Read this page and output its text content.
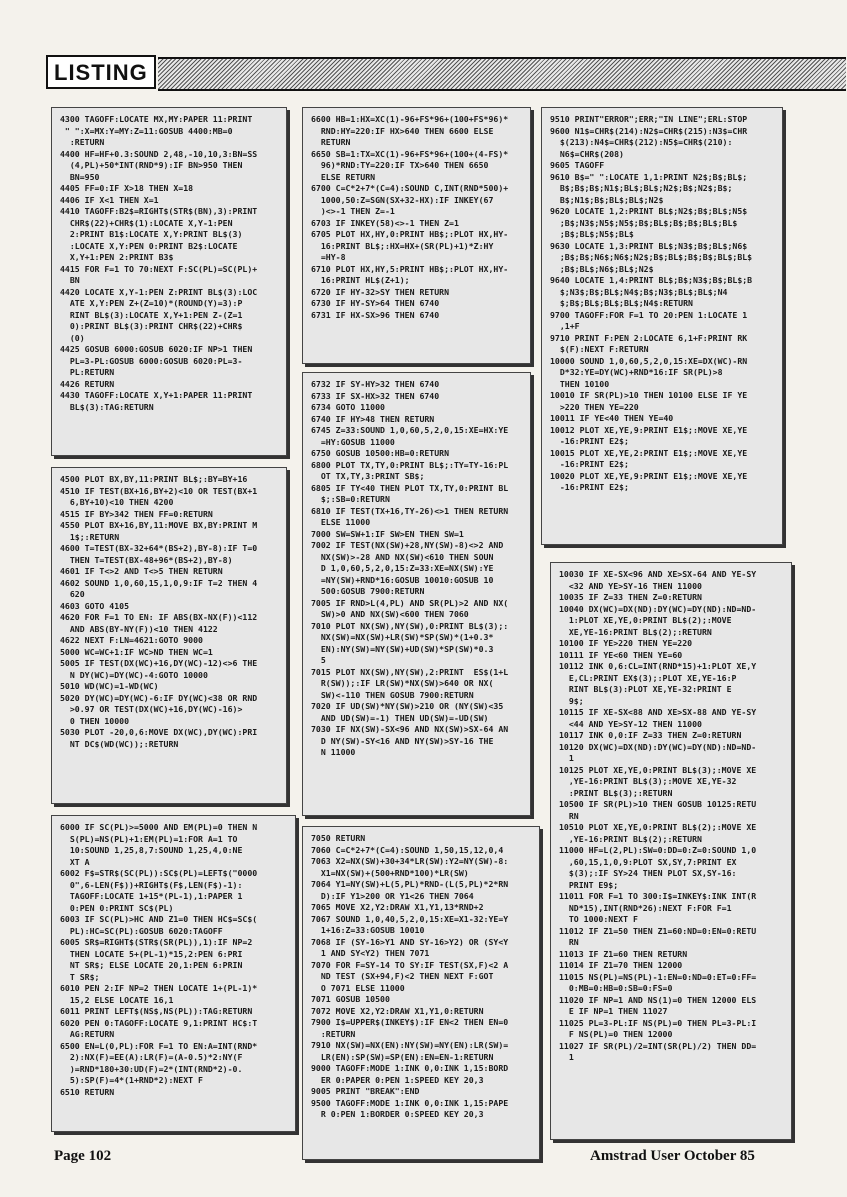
LISTING
4300 TAGOFF:LOCATE MX,MY:PAPER 11:PRINT
" ":X=MX:Y=MY:Z=11:GOSUB 4400:MB=0
:RETURN
4400 HF=HF+0.3:SOUND 2,48,-10,10,3:BN=SS
(4,PL)+50*INT(RND*9):IF BN>950 THEN
BN=950
4405 FF=0:IF X>18 THEN X=18
4406 IF X<1 THEN X=1
4410 TAGOFF:B2$=RIGHT$(STR$(BN),3):PRINT
CHR$(22)+CHR$(1):LOCATE X,Y-1:PEN
2:PRINT B1$:LOCATE X,Y:PRINT BL$(3)
:LOCATE X,Y:PEN 0:PRINT B2$:LOCATE
X,Y+1:PEN 2:PRINT B3$
4415 FOR F=1 TO 70:NEXT F:SC(PL)=SC(PL)+
BN
4420 LOCATE X,Y-1:PEN Z:PRINT BL$(3):LOC
ATE X,Y:PEN Z+(Z=10)*(ROUND(Y)=3):P
RINT BL$(3):LOCATE X,Y+1:PEN Z-(Z=1
0):PRINT BL$(3):PRINT CHR$(22)+CHR$
(0)
4425 GOSUB 6000:GOSUB 6020:IF NP>1 THEN
PL=3-PL:GOSUB 6000:GOSUB 6020:PL=3-
PL:RETURN
4426 RETURN
4430 TAGOFF:LOCATE X,Y+1:PAPER 11:PRINT
BL$(3):TAG:RETURN
4500 PLOT BX,BY,11:PRINT BL$;:BY=BY+16
4510 IF TEST(BX+16,BY+2)<10 OR TEST(BX+1
6,BY+10)<10 THEN 4200
4515 IF BY>342 THEN FF=0:RETURN
4550 PLOT BX+16,BY,11:MOVE BX,BY:PRINT M
1$;:RETURN
4600 T=TEST(BX-32+64*(BS+2),BY-8):IF T=0
THEN T=TEST(BX-48+96*(BS+2),BY-8)
4601 IF T<>2 AND T<>5 THEN RETURN
4602 SOUND 1,0,60,15,1,0,9:IF T=2 THEN 4
620
4603 GOTO 4105
4620 FOR F=1 TO EN: IF ABS(BX-NX(F))<112
AND ABS(BY-NY(F))<10 THEN 4122
4622 NEXT F:LN=4621:GOTO 9000
5000 WC=WC+1:IF WC>ND THEN WC=1
5005 IF TEST(DX(WC)+16,DY(WC)-12)<>6 THE
N DY(WC)=DY(WC)-4:GOTO 10000
5010 WD(WC)=1-WD(WC)
5020 DY(WC)=DY(WC)-6:IF DY(WC)<38 OR RND
>0.97 OR TEST(DX(WC)+16,DY(WC)-16)>
0 THEN 10000
5030 PLOT -20,0,6:MOVE DX(WC),DY(WC):PRI
NT DC$(WD(WC));:RETURN
6000 IF SC(PL)>=5000 AND EM(PL)=0 THEN N
S(PL)=NS(PL)+1:EM(PL)=1:FOR A=1 TO
10:SOUND 1,25,8,7:SOUND 1,25,4,0:NE
XT A
6002 F$=STR$(SC(PL)):SC$(PL)=LEFT$("0000
0",6-LEN(F$))+RIGHT$(F$,LEN(F$)-1):
TAGOFF:LOCATE 1+15*(PL-1),1:PAPER 1
0:PEN 0:PRINT SC$(PL)
6003 IF SC(PL)>HC AND Z1=0 THEN HC$=SC$(
PL):HC=SC(PL):GOSUB 6020:TAGOFF
6005 SR$=RIGHT$(STR$(SR(PL)),1):IF NP=2
THEN LOCATE 5+(PL-1)*15,2:PEN 6:PRI
NT SR$; ELSE LOCATE 20,1:PEN 6:PRIN
T SR$;
6010 PEN 2:IF NP=2 THEN LOCATE 1+(PL-1)*
15,2 ELSE LOCATE 16,1
6011 PRINT LEFT$(NS$,NS(PL)):TAG:RETURN
6020 PEN 0:TAGOFF:LOCATE 9,1:PRINT HC$:T
AG:RETURN
6500 EN=L(0,PL):FOR F=1 TO EN:A=INT(RND*
2):NX(F)=EE(A):LR(F)=(A-0.5)*2:NY(F
)=RND*180+30:UD(F)=2*(INT(RND*2)-0.
5):SP(F)=4*(1+RND*2):NEXT F
6510 RETURN
6600 HB=1:HX=XC(1)-96+FS*96+(100+FS*96)*
RND:HY=220:IF HX>640 THEN 6600 ELSE
RETURN
6650 SB=1:TX=XC(1)-96+FS*96+(100+(4-FS)*
96)*RND:TY=220:IF TX>640 THEN 6650
ELSE RETURN
6700 C=C*2+7*(C=4):SOUND C,INT(RND*500)+
1000,50:Z=SGN(SX+32-HX):IF INKEY(67
)<>-1 THEN Z=-1
6703 IF INKEY(58)<>-1 THEN Z=1
6705 PLOT HX,HY,0:PRINT HB$;:PLOT HX,HY-
16:PRINT BL$;:HX=HX+(SR(PL)+1)*Z:HY
=HY-8
6710 PLOT HX,HY,5:PRINT HB$;:PLOT HX,HY-
16:PRINT HL$(Z+1);
6720 IF HY-32>SY THEN RETURN
6730 IF HY-SY>64 THEN 6740
6731 IF HX-SX>96 THEN 6740
6732 IF SY-HY>32 THEN 6740
6733 IF SX-HX>32 THEN 6740
6734 GOTO 11000
6740 IF HY>48 THEN RETURN
6745 Z=33:SOUND 1,0,60,5,2,0,15:XE=HX:YE
=HY:GOSUB 11000
6750 GOSUB 10500:HB=0:RETURN
6800 PLOT TX,TY,0:PRINT BL$;:TY=TY-16:PL
OT TX,TY,3:PRINT SB$;
6805 IF TY<40 THEN PLOT TX,TY,0:PRINT BL
$;:SB=0:RETURN
6810 IF TEST(TX+16,TY-26)<>1 THEN RETURN
ELSE 11000
7000 SW=SW+1:IF SW>EN THEN SW=1
7002 IF TEST(NX(SW)+28,NY(SW)-8)<>2 AND
NX(SW)>-28 AND NX(SW)<610 THEN SOUN
D 1,0,60,5,2,0,15:Z=33:XE=NX(SW):YE
=NY(SW)+RND*16:GOSUB 10010:GOSUB 10
500:GOSUB 7900:RETURN
7005 IF RND>L(4,PL) AND SR(PL)>2 AND NX(
SW)>0 AND NX(SW)<600 THEN 7060
7010 PLOT NX(SW),NY(SW),0:PRINT BL$(3);:
NX(SW)=NX(SW)+LR(SW)*SP(SW)*(1+0.3*
EN):NY(SW)=NY(SW)+UD(SW)*SP(SW)*0.3
5
7015 PLOT NX(SW),NY(SW),2:PRINT  ES$(1+L
R(SW));:IF LR(SW)*NX(SW)>640 OR NX(
SW)<-110 THEN GOSUB 7900:RETURN
7020 IF UD(SW)*NY(SW)>210 OR (NY(SW)<35
AND UD(SW)=-1) THEN UD(SW)=-UD(SW)
7030 IF NX(SW)-SX<96 AND NX(SW)>SX-64 AN
D NY(SW)-SY<16 AND NY(SW)>SY-16 THE
N 11000
7050 RETURN
7060 C=C*2+7*(C=4):SOUND 1,50,15,12,0,4
7063 X2=NX(SW)+30+34*LR(SW):Y2=NY(SW)-8:
X1=NX(SW)+(500+RND*100)*LR(SW)
7064 Y1=NY(SW)+L(5,PL)*RND-(L(5,PL)*2*RN
D):IF Y1>200 OR Y1<26 THEN 7064
7065 MOVE X2,Y2:DRAW X1,Y1,13*RND+2
7067 SOUND 1,0,40,5,2,0,15:XE=X1-32:YE=Y
1+16:Z=33:GOSUB 10010
7068 IF (SY-16>Y1 AND SY-16>Y2) OR (SY<Y
1 AND SY<Y2) THEN 7071
7070 FOR F=SY-14 TO SY:IF TEST(SX,F)<2 A
ND TEST (SX+94,F)<2 THEN NEXT F:GOT
O 7071 ELSE 11000
7071 GOSUB 10500
7072 MOVE X2,Y2:DRAW X1,Y1,0:RETURN
7900 I$=UPPER$(INKEY$):IF EN<2 THEN EN=0
:RETURN
7910 NX(SW)=NX(EN):NY(SW)=NY(EN):LR(SW)=
LR(EN):SP(SW)=SP(EN):EN=EN-1:RETURN
9000 TAGOFF:MODE 1:INK 0,0:INK 1,15:BORD
ER 0:PAPER 0:PEN 1:SPEED KEY 20,3
9005 PRINT "BREAK":END
9500 TAGOFF:MODE 1:INK 0,0:INK 1,15:PAPE
R 0:PEN 1:BORDER 0:SPEED KEY 20,3
9510 PRINT"ERROR";ERR;"IN LINE";ERL:STOP
9600 N1$=CHR$(214):N2$=CHR$(215):N3$=CHR
$(213):N4$=CHR$(212):N5$=CHR$(210):
N6$=CHR$(208)
9605 TAGOFF
9610 B$=" ":LOCATE 1,1:PRINT N2$;B$;BL$;
B$;B$;B$;N1$;BL$;BL$;N2$;B$;N2$;B$;
B$;N1$;B$;BL$;BL$;N2$
9620 LOCATE 1,2:PRINT BL$;N2$;B$;BL$;N5$
;B$;N3$;N5$;N5$;B$;BL$;B$;B$;BL$;BL$
;B$;BL$;N5$;BL$
9630 LOCATE 1,3:PRINT BL$;N3$;B$;BL$;N6$
;B$;B$;N6$;N6$;N2$;B$;BL$;B$;B$;BL$;BL$
;B$;BL$;N6$;BL$;N2$
9640 LOCATE 1,4:PRINT BL$;B$;N3$;B$;BL$;B
$;N3$;B$;BL$;N4$;B$;N3$;BL$;BL$;N4
$;B$;BL$;BL$;BL$;N4$:RETURN
9700 TAGOFF:FOR F=1 TO 20:PEN 1:LOCATE 1
,1+F
9710 PRINT F:PEN 2:LOCATE 6,1+F:PRINT RK
$(F):NEXT F:RETURN
10000 SOUND 1,0,60,5,2,0,15:XE=DX(WC)-RN
D*32:YE=DY(WC)+RND*16:IF SR(PL)>8
THEN 10100
10010 IF SR(PL)>10 THEN 10100 ELSE IF YE
>220 THEN YE=220
10011 IF YE<40 THEN YE=40
10012 PLOT XE,YE,9:PRINT E1$;:MOVE XE,YE
-16:PRINT E2$;
10015 PLOT XE,YE,2:PRINT E1$;:MOVE XE,YE
-16:PRINT E2$;
10020 PLOT XE,YE,9:PRINT E1$;:MOVE XE,YE
-16:PRINT E2$;
10030 IF XE-SX<96 AND XE>SX-64 AND YE-SY
<32 AND YE>SY-16 THEN 11000
10035 IF Z=33 THEN Z=0:RETURN
10040 DX(WC)=DX(ND):DY(WC)=DY(ND):ND=ND-
1:PLOT XE,YE,0:PRINT BL$(2);:MOVE
XE,YE-16:PRINT BL$(2);:RETURN
10100 IF YE>220 THEN YE=220
10111 IF YE<60 THEN YE=60
10112 INK 0,6:CL=INT(RND*15)+1:PLOT XE,Y
E,CL:PRINT EX$(3);:PLOT XE,YE-16:P
RINT BL$(3):PLOT XE,YE-32:PRINT E
9$;
10115 IF XE-SX<88 AND XE>SX-88 AND YE-SY
<44 AND YE>SY-12 THEN 11000
10117 INK 0,0:IF Z=33 THEN Z=0:RETURN
10120 DX(WC)=DX(ND):DY(WC)=DY(ND):ND=ND-
1
10125 PLOT XE,YE,0:PRINT BL$(3);:MOVE XE
,YE-16:PRINT BL$(3);:MOVE XE,YE-32
:PRINT BL$(3);:RETURN
10500 IF SR(PL)>10 THEN GOSUB 10125:RETU
RN
10510 PLOT XE,YE,0:PRINT BL$(2);:MOVE XE
,YE-16:PRINT BL$(2);:RETURN
11000 HF=L(2,PL):SW=0:DD=0:Z=0:SOUND 1,0
,60,15,1,0,9:PLOT SX,SY,7:PRINT EX
$(3);:IF SY>24 THEN PLOT SX,SY-16:
PRINT E9$;
11011 FOR F=1 TO 300:I$=INKEY$:INK INT(R
ND*15),INT(RND*26):NEXT F:FOR F=1
TO 1000:NEXT F
11012 IF Z1=50 THEN Z1=60:ND=0:EN=0:RETU
RN
11013 IF Z1=60 THEN RETURN
11014 IF Z1=70 THEN 12000
11015 NS(PL)=NS(PL)-1:EN=0:ND=0:ET=0:FF=
0:MB=0:HB=0:SB=0:FS=0
11020 IF NP=1 AND NS(1)=0 THEN 12000 ELS
E IF NP=1 THEN 11027
11025 PL=3-PL:IF NS(PL)=0 THEN PL=3-PL:I
F NS(PL)=0 THEN 12000
11027 IF SR(PL)/2=INT(SR(PL)/2) THEN DD=
1
Page 102	Amstrad User October 85
